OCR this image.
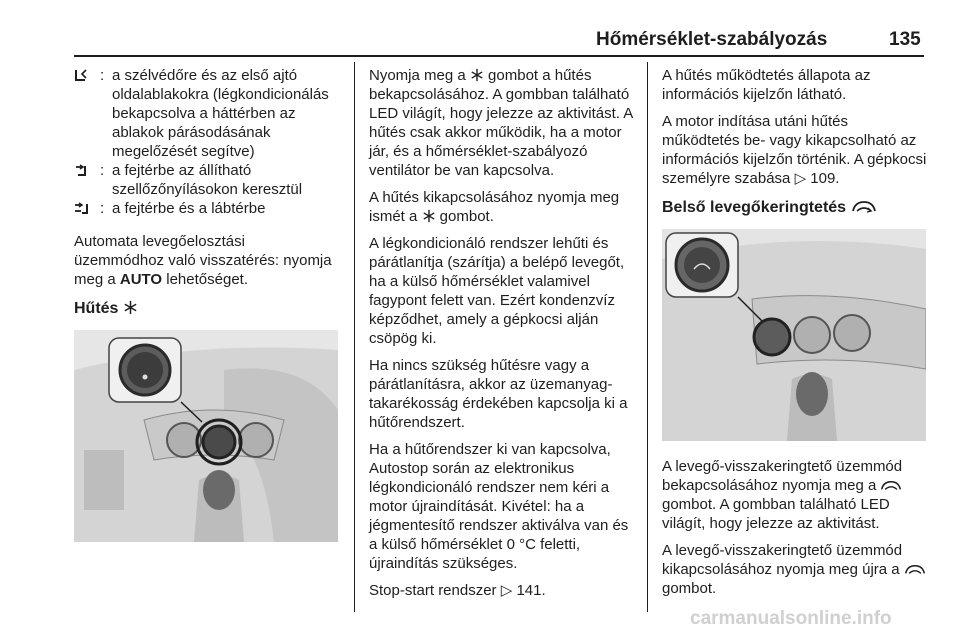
Hőmérséklet-szabályozás	135
: a szélvédőre és az első ajtó oldalablakokra (légkondicionálás bekapcsolva a háttérben az ablakok párásodásának megelőzését segítve)
: a fejtérbe az állítható szellőzőnyílásokon keresztül
: a fejtérbe és a lábtérbe

Automata levegőelosztási üzemmódhoz való visszatérés: nyomja meg a AUTO lehetőséget.

Hűtés

Nyomja meg a  gombot a hűtés bekapcsolásához. A gombban található LED világít, hogy jelezze az aktivitást. A hűtés csak akkor működik, ha a motor jár, és a hőmérséklet-szabályozó ventilátor be van kapcsolva.

A hűtés kikapcsolásához nyomja meg ismét a  gombot.

A légkondicionáló rendszer lehűti és párátlanítja (szárítja) a belépő levegőt, ha a külső hőmérséklet valamivel fagypont felett van. Ezért kondenzvíz képződhet, amely a gépkocsi alján csöpög ki.

Ha nincs szükség hűtésre vagy a párátlanításra, akkor az üzemanyag-takarékosság érdekében kapcsolja ki a hűtőrendszert.

Ha a hűtőrendszer ki van kapcsolva, Autostop során az elektronikus légkondicionáló rendszer nem kéri a motor újraindítását. Kivétel: ha a jégmentesítő rendszer aktiválva van és a külső hőmérséklet 0 °C feletti, újraindítás szükséges.

Stop-start rendszer ▷ 141.

A hűtés működtetés állapota az információs kijelzőn látható.

A motor indítása utáni hűtés működtetés be- vagy kikapcsolható az információs kijelzőn történik. A gépkocsi személyre szabása ▷ 109.

Belső levegőkeringtetés

A levegő-visszakeringtető üzemmód bekapcsolásához nyomja meg a  gombot. A gombban található LED világít, hogy jelezze az aktivitást.

A levegő-visszakeringtető üzemmód kikapcsolásához nyomja meg újra a  gombot.

carmanualsonline.info
